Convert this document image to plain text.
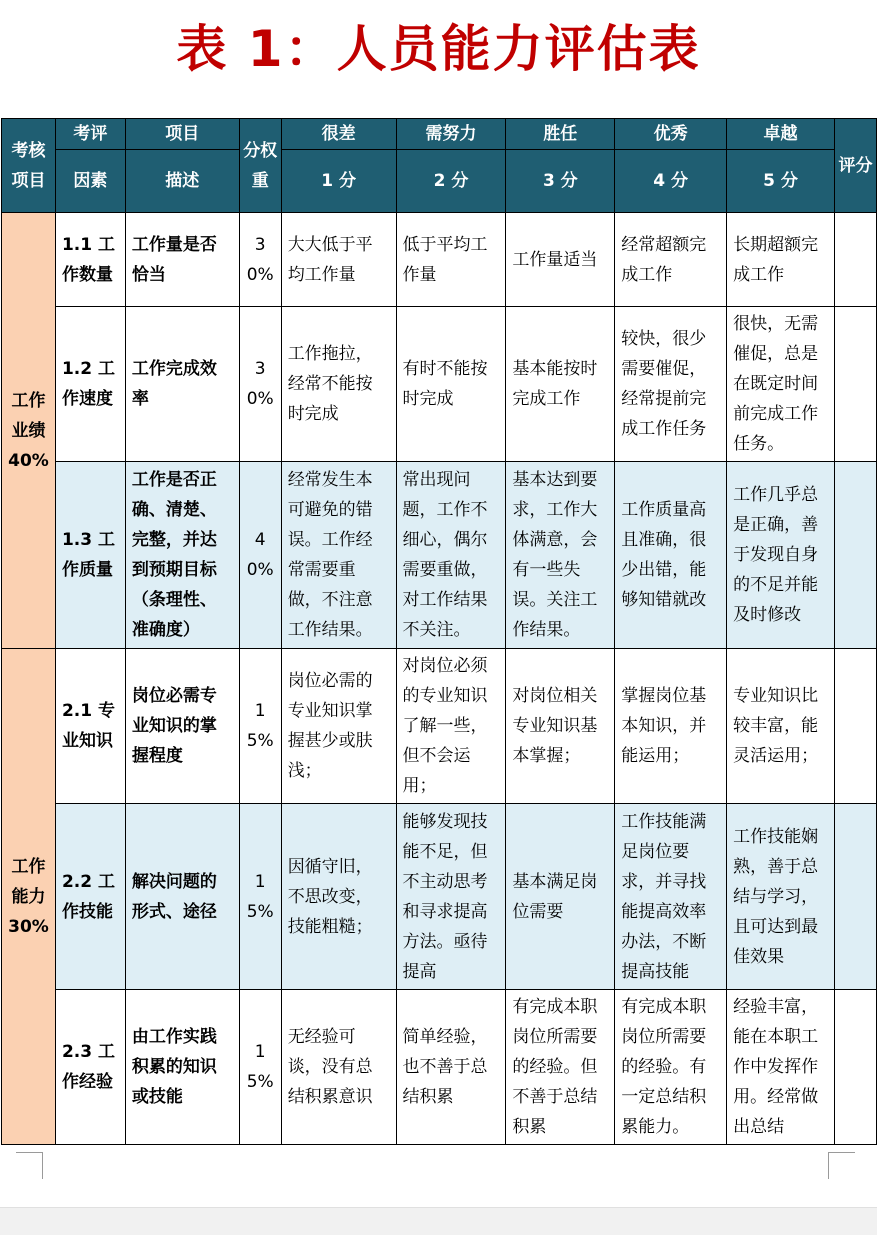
表 1：人员能力评估表
考核项目	考评	项目	分权重	很差	需努力	胜任	优秀	卓越	评分
	因素	描述		1 分	2 分	3 分	4 分	5 分	
工作业绩40%	1.1 工作数量	工作量是否恰当	30%	大大低于平均工作量	低于平均工作量	工作量适当	经常超额完成工作	长期超额完成工作	
	1.2 工作速度	工作完成效率	30%	工作拖拉，经常不能按时完成	有时不能按时完成	基本能按时完成工作	较快，很少需要催促，经常提前完成工作任务	很快，无需催促，总是在既定时间前完成工作任务。	
	1.3 工作质量	工作是否正确、清楚、完整，并达到预期目标（条理性、准确度）	40%	经常发生本可避免的错误。工作经常需要重做，不注意工作结果。	常出现问题，工作不细心，偶尔需要重做，对工作结果不关注。	基本达到要求，工作大体满意，会有一些失误。关注工作结果。	工作质量高且准确，很少出错，能够知错就改	工作几乎总是正确，善于发现自身的不足并能及时修改	
工作能力30%	2.1 专业知识	岗位必需专业知识的掌握程度	15%	岗位必需的专业知识掌握甚少或肤浅；	对岗位必须的专业知识了解一些，但不会运用；	对岗位相关专业知识基本掌握；	掌握岗位基本知识，并能运用；	专业知识比较丰富，能灵活运用；	
	2.2 工作技能	解决问题的形式、途径	15%	因循守旧，不思改变，技能粗糙；	能够发现技能不足，但不主动思考和寻求提高方法。亟待提高	基本满足岗位需要	工作技能满足岗位要求，并寻找能提高效率办法，不断提高技能	工作技能娴熟，善于总结与学习，且可达到最佳效果	
	2.3 工作经验	由工作实践积累的知识或技能	15%	无经验可谈，没有总结积累意识	简单经验，也不善于总结积累	有完成本职岗位所需要的经验。但不善于总结积累	有完成本职岗位所需要的经验。有一定总结积累能力。	经验丰富，能在本职工作中发挥作用。经常做出总结	
